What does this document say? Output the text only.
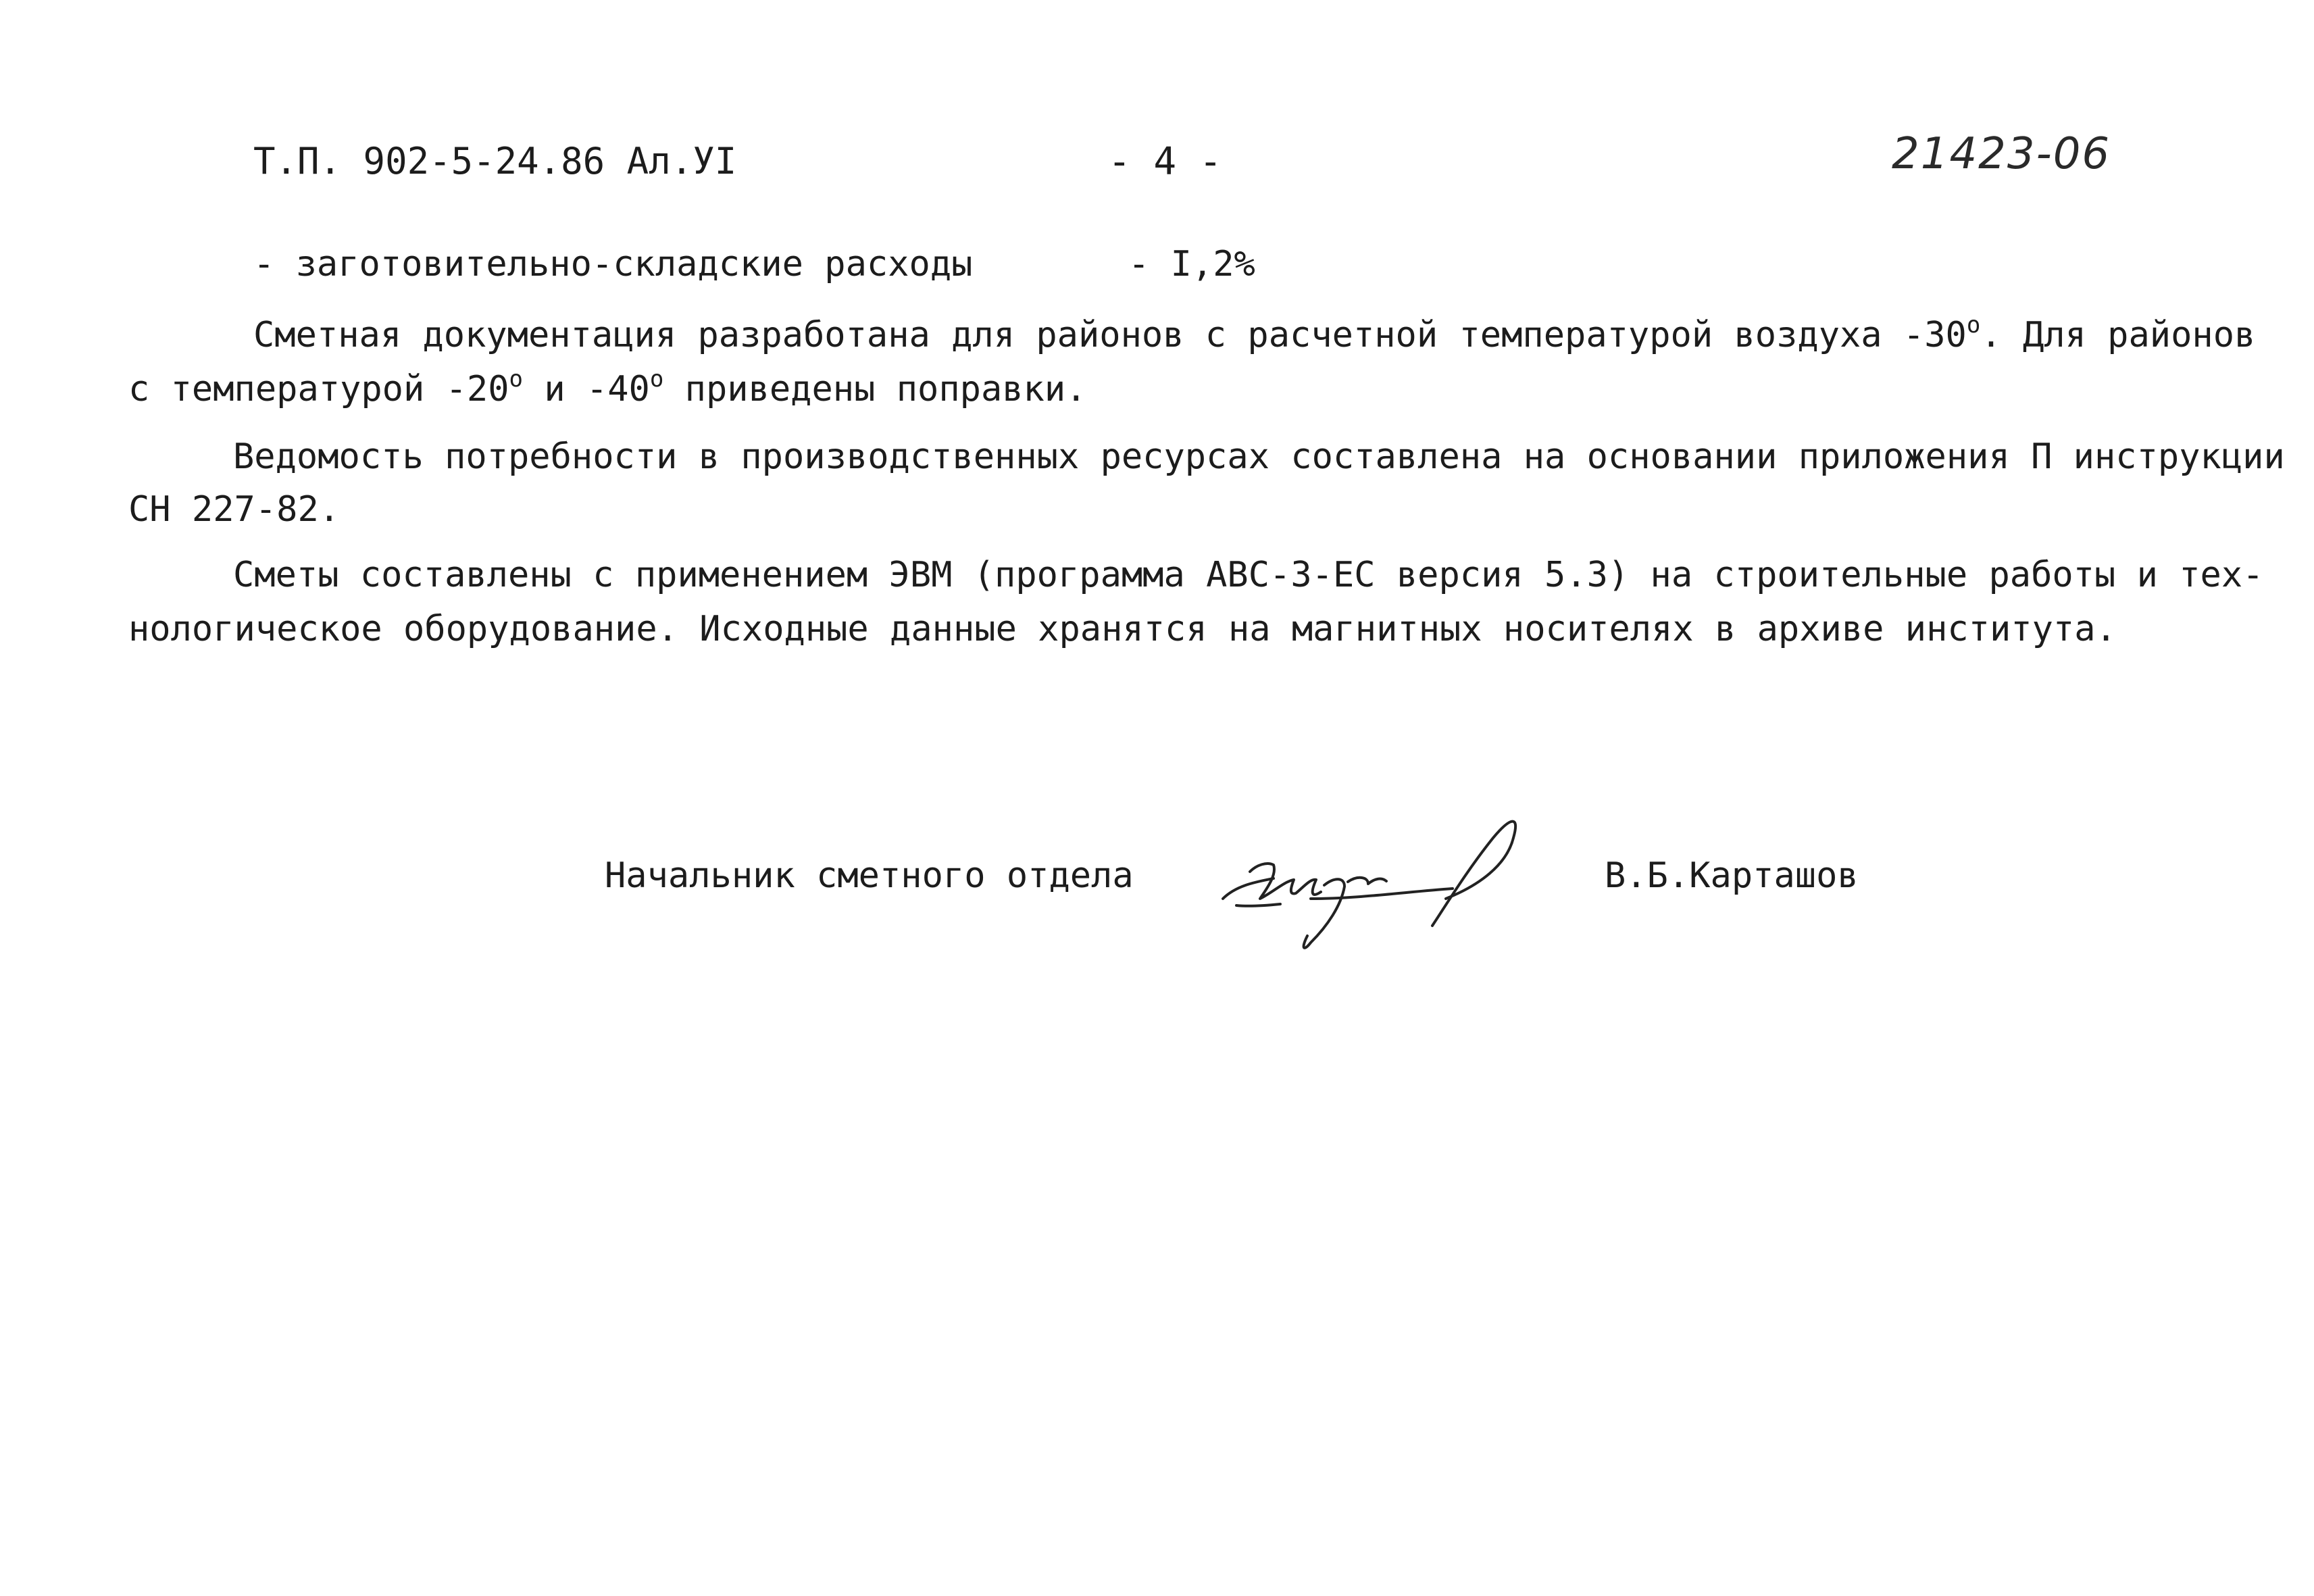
Т.П. 902-5-24.86 Ал.УI	- 4 -	21423-06
- заготовительно-складские расходы	- I,2%
Сметная документация разработана для районов с расчетной температурой воздуха $-30^о$. Для районов
с температурой $-20^о$ и $-40^о$ приведены поправки.
Ведомость потребности в производственных ресурсах составлена на основании приложения П инструкции
СН 227-82.
Сметы составлены с применением ЭВМ (программа АВС-3-ЕС версия 5.3) на строительные работы и тех-
нологическое оборудование. Исходные данные хранятся на магнитных носителях в архиве института.
Начальник сметного отдела	В.Б.Карташов
